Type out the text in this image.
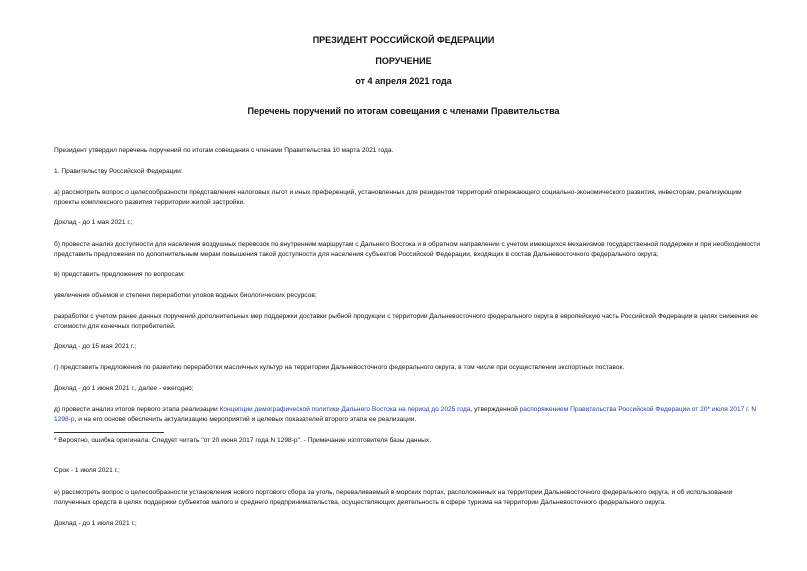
ПРЕЗИДЕНТ РОССИЙСКОЙ ФЕДЕРАЦИИ
ПОРУЧЕНИЕ
от 4 апреля 2021 года
Перечень поручений по итогам совещания с членами Правительства

Президент утвердил перечень поручений по итогам совещания с членами Правительства 10 марта 2021 года.

1. Правительству Российской Федерации:

а) рассмотреть вопрос о целесообразности представления налоговых льгот и иных преференций, установленных для резидентов территорий опережающего социально-экономического развития, инвесторам, реализующим проекты комплексного развития территории жилой застройки.

Доклад - до 1 мая 2021 г.;

б) провести анализ доступности для населения воздушных перевозок по внутренним маршрутам с Дальнего Востока и в обратном направлении с учетом имеющихся механизмов государственной поддержки и при необходимости представить предложения по дополнительным мерам повышения такой доступности для населения субъектов Российской Федерации, входящих в состав Дальневосточного федерального округа;

в) представить предложения по вопросам:

увеличения объемов и степени переработки уловов водных биологических ресурсов;

разработки с учетом ранее данных поручений дополнительных мер поддержки доставки рыбной продукции с территории Дальневосточного федерального округа в европейскую часть Российской Федерации в целях снижения ее стоимости для конечных потребителей.

Доклад - до 15 мая 2021 г.;

г) представить предложения по развитию переработки масличных культур на территории Дальневосточного федерального округа, в том числе при осуществлении экспортных поставок.

Доклад - до 1 июня 2021 г., далее - ежегодно;

д) провести анализ итогов первого этапа реализации Концепции демографической политики Дальнего Востока на период до 2025 года, утвержденной распоряжением Правительства Российской Федерации от 20* июля 2017 г. N 1298-р, и на его основе обеспечить актуализацию мероприятий и целевых показателей второго этапа ее реализации.

* Вероятно, ошибка оригинала. Следует читать "от 20 июня 2017 года N 1298-р". - Примечание изготовителя базы данных.

Срок - 1 июля 2021 г.;

е) рассмотреть вопрос о целесообразности установления нового портового сбора за уголь, переваливаемый в морских портах, расположенных на территории Дальневосточного федерального округа, и об использовании полученных средств в целях поддержки субъектов малого и среднего предпринимательства, осуществляющих деятельность в сфере туризма на территории Дальневосточного федерального округа.

Доклад - до 1 июля 2021 г.;
